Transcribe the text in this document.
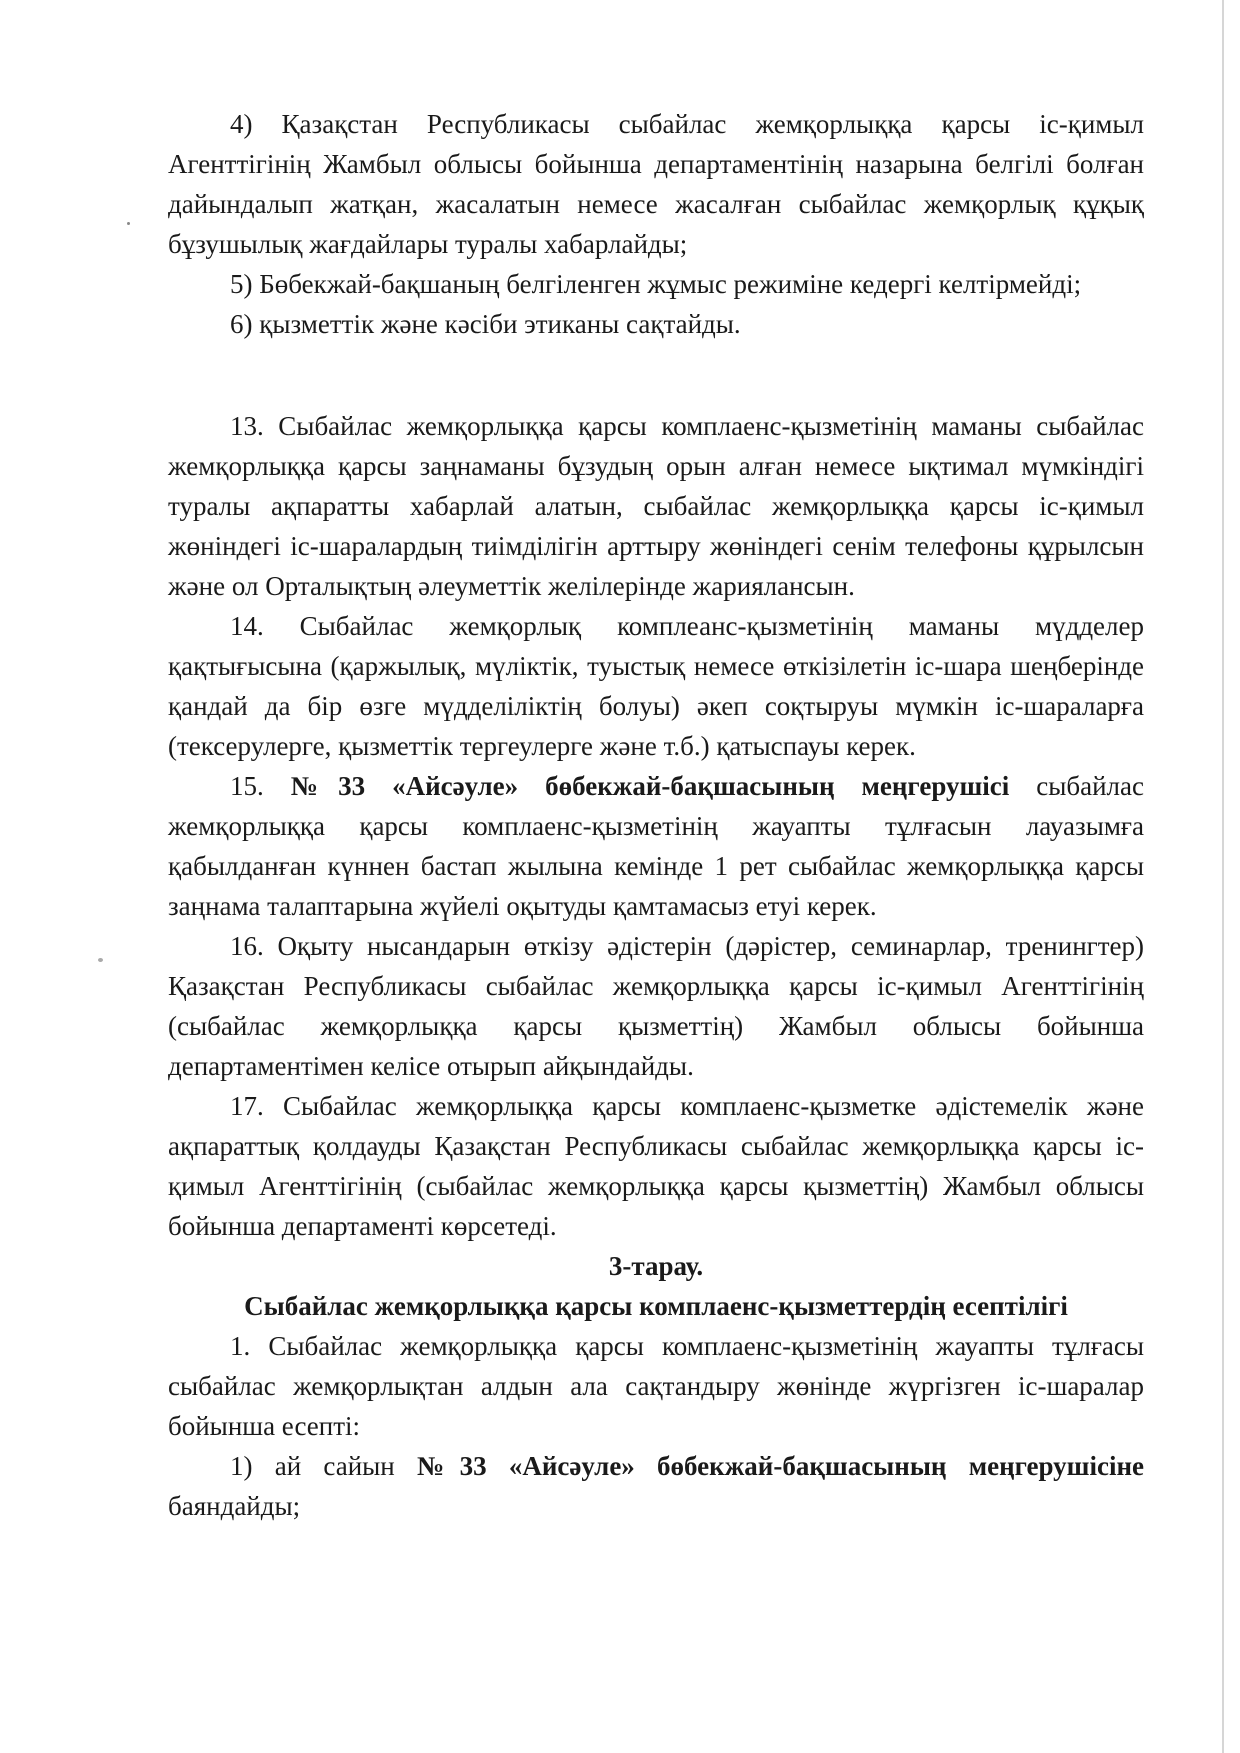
4) Қазақстан Республикасы сыбайлас жемқорлыққа қарсы іс-қимыл Агенттігінің Жамбыл облысы бойынша департаментінің назарына белгілі болған дайындалып жатқан, жасалатын немесе жасалған сыбайлас жемқорлық құқық бұзушылық жағдайлары туралы хабарлайды;

5) Бөбекжай-бақшаның белгіленген жұмыс режиміне кедергі келтірмейді;

6) қызметтік және кәсіби этиканы сақтайды.

13. Сыбайлас жемқорлыққа қарсы комплаенс-қызметінің маманы сыбайлас жемқорлыққа қарсы заңнаманы бұзудың орын алған немесе ықтимал мүмкіндігі туралы ақпаратты хабарлай алатын, сыбайлас жемқорлыққа қарсы іс-қимыл жөніндегі іс-шаралардың тиімділігін арттыру жөніндегі сенім телефоны құрылсын және ол Орталықтың әлеуметтік желілерінде жариялансын.

14. Сыбайлас жемқорлық комплеанс-қызметінің маманы мүдделер қақтығысына (қаржылық, мүліктік, туыстық немесе өткізілетін іс-шара шеңберінде қандай да бір өзге мүдделіліктің болуы) әкеп соқтыруы мүмкін іс-шараларға (тексерулерге, қызметтік тергеулерге және т.б.) қатыспауы керек.

15. №33 «Айсәуле» бөбекжай-бақшасының меңгерушісі сыбайлас жемқорлыққа қарсы комплаенс-қызметінің жауапты тұлғасын лауазымға қабылданған күннен бастап жылына кемінде 1 рет сыбайлас жемқорлыққа қарсы заңнама талаптарына жүйелі оқытуды қамтамасыз етуі керек.

16. Оқыту нысандарын өткізу әдістерін (дәрістер, семинарлар, тренингтер) Қазақстан Республикасы сыбайлас жемқорлыққа қарсы іс-қимыл Агенттігінің (сыбайлас жемқорлыққа қарсы қызметтің) Жамбыл облысы бойынша департаментімен келісе отырып айқындайды.

17. Сыбайлас жемқорлыққа қарсы комплаенс-қызметке әдістемелік және ақпараттық қолдауды Қазақстан Республикасы сыбайлас жемқорлыққа қарсы іс-қимыл Агенттігінің (сыбайлас жемқорлыққа қарсы қызметтің) Жамбыл облысы бойынша департаменті көрсетеді.

3-тарау.
Сыбайлас жемқорлыққа қарсы комплаенс-қызметтердің есептілігі

1. Сыбайлас жемқорлыққа қарсы комплаенс-қызметінің жауапты тұлғасы сыбайлас жемқорлықтан алдын ала сақтандыру жөнінде жүргізген іс-шаралар бойынша есепті:

1) ай сайын №33 «Айсәуле» бөбекжай-бақшасының меңгерушісіне баяндайды;
